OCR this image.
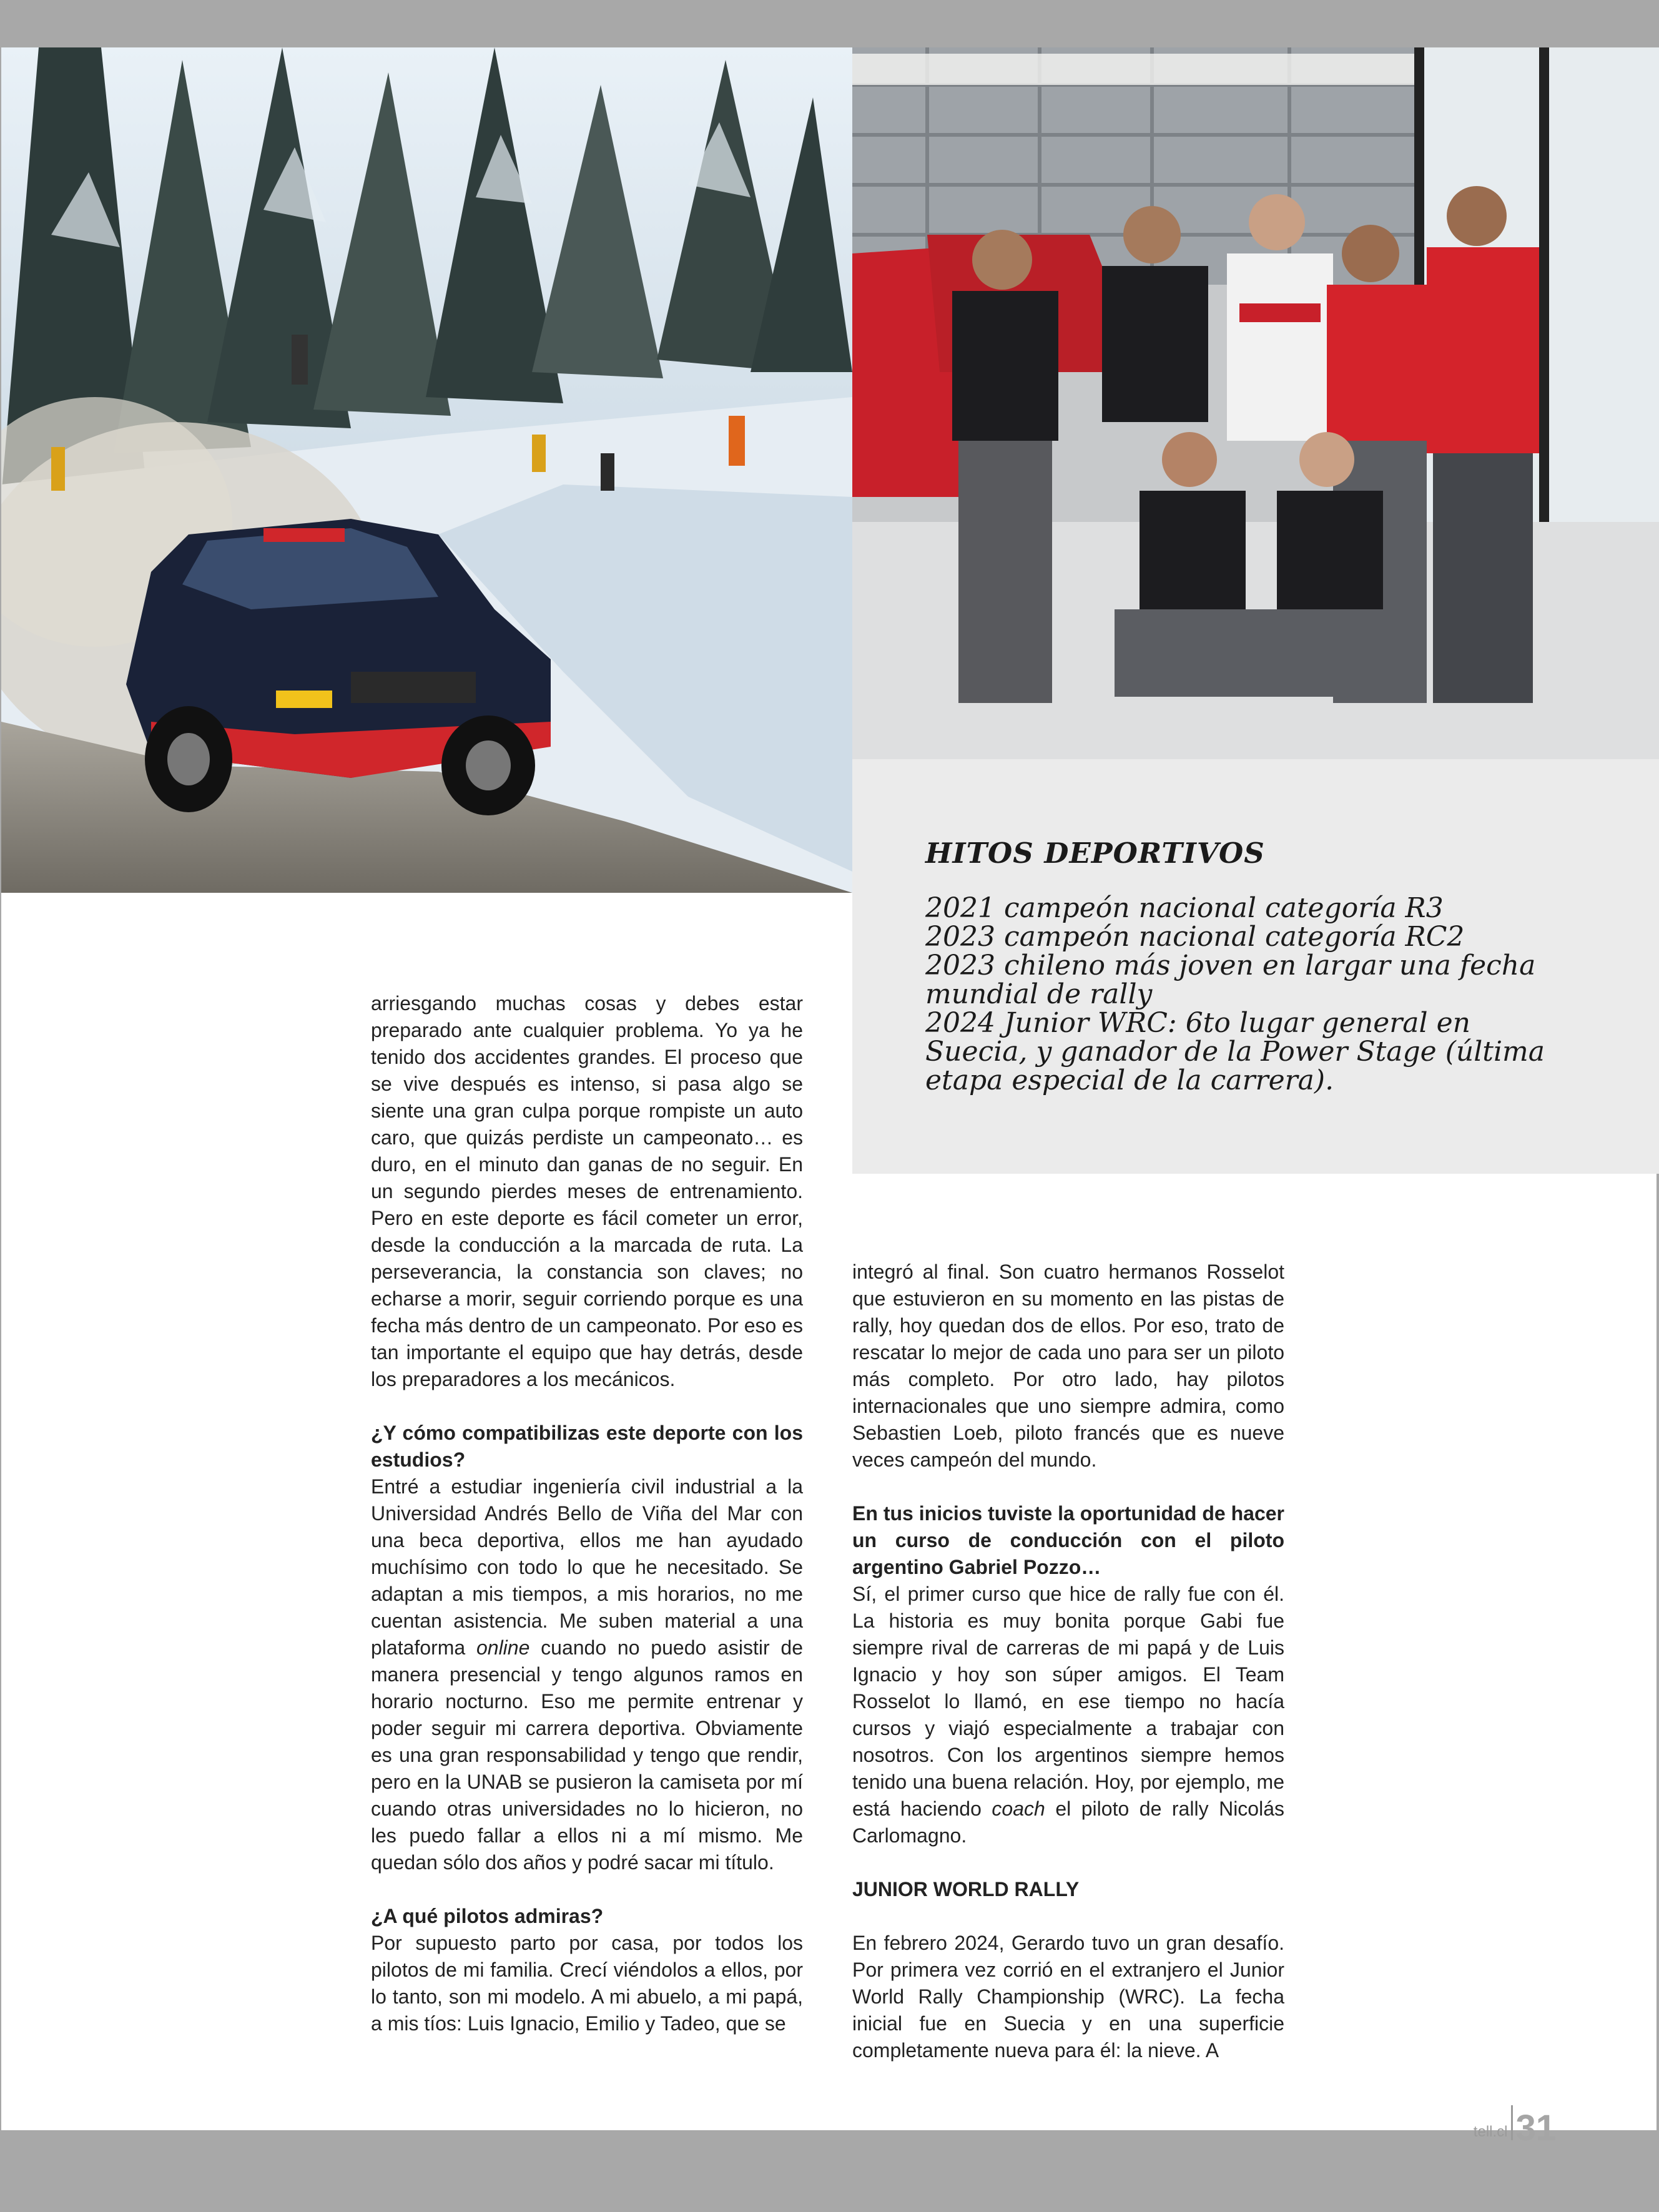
HITOS DEPORTIVOS
2021 campeón nacional categoría R3
2023 campeón nacional categoría RC2
2023 chileno más joven en largar una fecha mundial de rally
2024 Junior WRC: 6to lugar general en Suecia, y ganador de la Power Stage (última etapa especial de la carrera).

arriesgando muchas cosas y debes estar preparado ante cualquier problema. Yo ya he tenido dos accidentes grandes. El proceso que se vive después es intenso, si pasa algo se siente una gran culpa porque rompiste un auto caro, que quizás perdiste un campeonato… es duro, en el minuto dan ganas de no seguir. En un segundo pierdes meses de entrenamiento. Pero en este deporte es fácil cometer un error, desde la conducción a la marcada de ruta. La perseverancia, la constancia son claves; no echarse a morir, seguir corriendo porque es una fecha más dentro de un campeonato. Por eso es tan importante el equipo que hay detrás, desde los preparadores a los mecánicos.

¿Y cómo compatibilizas este deporte con los estudios?
Entré a estudiar ingeniería civil industrial a la Universidad Andrés Bello de Viña del Mar con una beca deportiva, ellos me han ayudado muchísimo con todo lo que he necesitado. Se adaptan a mis tiempos, a mis horarios, no me cuentan asistencia. Me suben material a una plataforma online cuando no puedo asistir de manera presencial y tengo algunos ramos en horario nocturno. Eso me permite entrenar y poder seguir mi carrera deportiva. Obviamente es una gran responsabilidad y tengo que rendir, pero en la UNAB se pusieron la camiseta por mí cuando otras universidades no lo hicieron, no les puedo fallar a ellos ni a mí mismo. Me quedan sólo dos años y podré sacar mi título.

¿A qué pilotos admiras?
Por supuesto parto por casa, por todos los pilotos de mi familia. Crecí viéndolos a ellos, por lo tanto, son mi modelo. A mi abuelo, a mi papá, a mis tíos: Luis Ignacio, Emilio y Tadeo, que se

integró al final. Son cuatro hermanos Rosselot que estuvieron en su momento en las pistas de rally, hoy quedan dos de ellos. Por eso, trato de rescatar lo mejor de cada uno para ser un piloto más completo. Por otro lado, hay pilotos internacionales que uno siempre admira, como Sebastien Loeb, piloto francés que es nueve veces campeón del mundo.

En tus inicios tuviste la oportunidad de hacer un curso de conducción con el piloto argentino Gabriel Pozzo…
Sí, el primer curso que hice de rally fue con él. La historia es muy bonita porque Gabi fue siempre rival de carreras de mi papá y de Luis Ignacio y hoy son súper amigos. El Team Rosselot lo llamó, en ese tiempo no hacía cursos y viajó especialmente a trabajar con nosotros. Con los argentinos siempre hemos tenido una buena relación. Hoy, por ejemplo, me está haciendo coach el piloto de rally Nicolás Carlomagno.

JUNIOR WORLD RALLY

En febrero 2024, Gerardo tuvo un gran desafío. Por primera vez corrió en el extranjero el Junior World Rally Championship (WRC). La fecha inicial fue en Suecia y en una superficie completamente nueva para él: la nieve. A

tell.cl 31
